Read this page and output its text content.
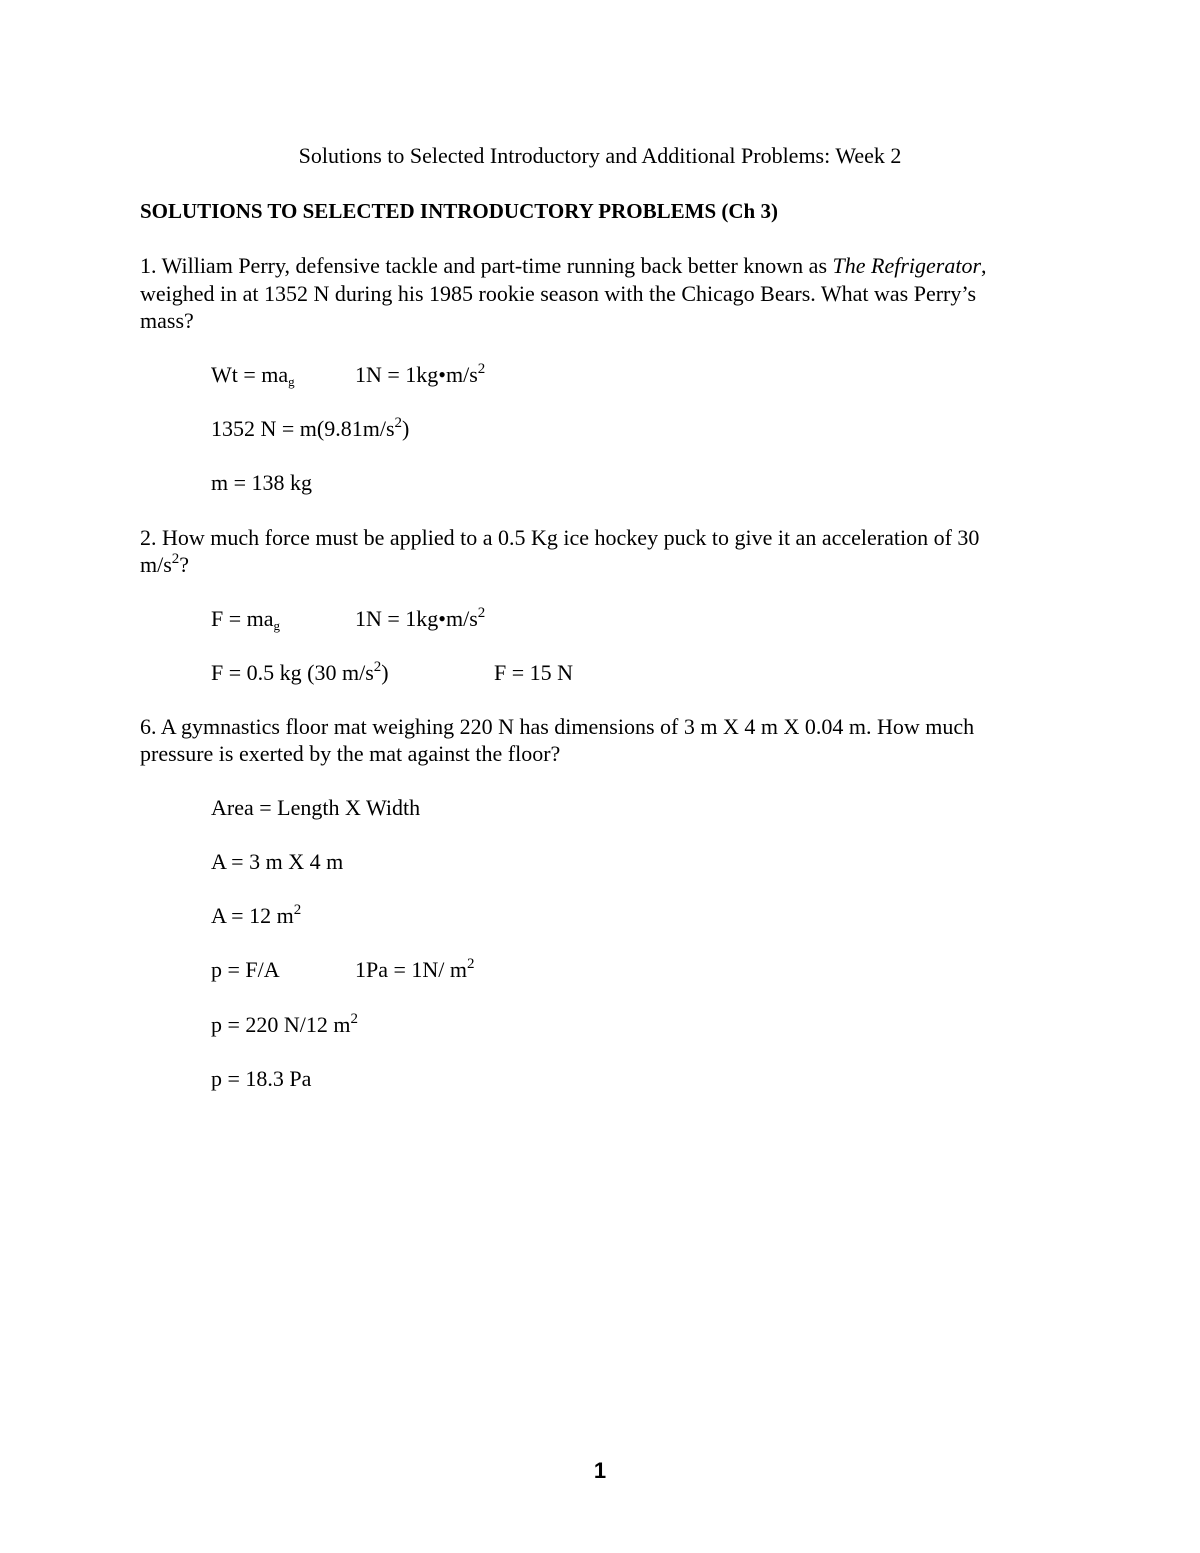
Solutions to Selected Introductory and Additional Problems: Week 2
SOLUTIONS TO SELECTED INTRODUCTORY PROBLEMS (Ch 3)
1. William Perry, defensive tackle and part-time running back better known as The Refrigerator,
weighed in at 1352 N during his 1985 rookie season with the Chicago Bears. What was Perry’s
mass?
$Wt = ma_g$	$1N = 1kg•m/s^2$
1352 $N = m(9.81m/s^2)$
m = 138 kg
2. How much force must be applied to a 0.5 Kg ice hockey puck to give it an acceleration of 30
$m/s^2$?
$F = ma_g$	$1N = 1kg•m/s^2$
F = 0.5 kg (30 $m/s^2$)	F = 15 N
6. A gymnastics floor mat weighing 220 N has dimensions of 3 m X 4 m X 0.04 m. How much
pressure is exerted by the mat against the floor?
Area = Length X Width
A = 3 m X 4 m
A = 12 $m^2$
p = F/A	1Pa = 1N/ $m^2$
p = 220 N/12 $m^2$
p = 18.3 Pa
1
